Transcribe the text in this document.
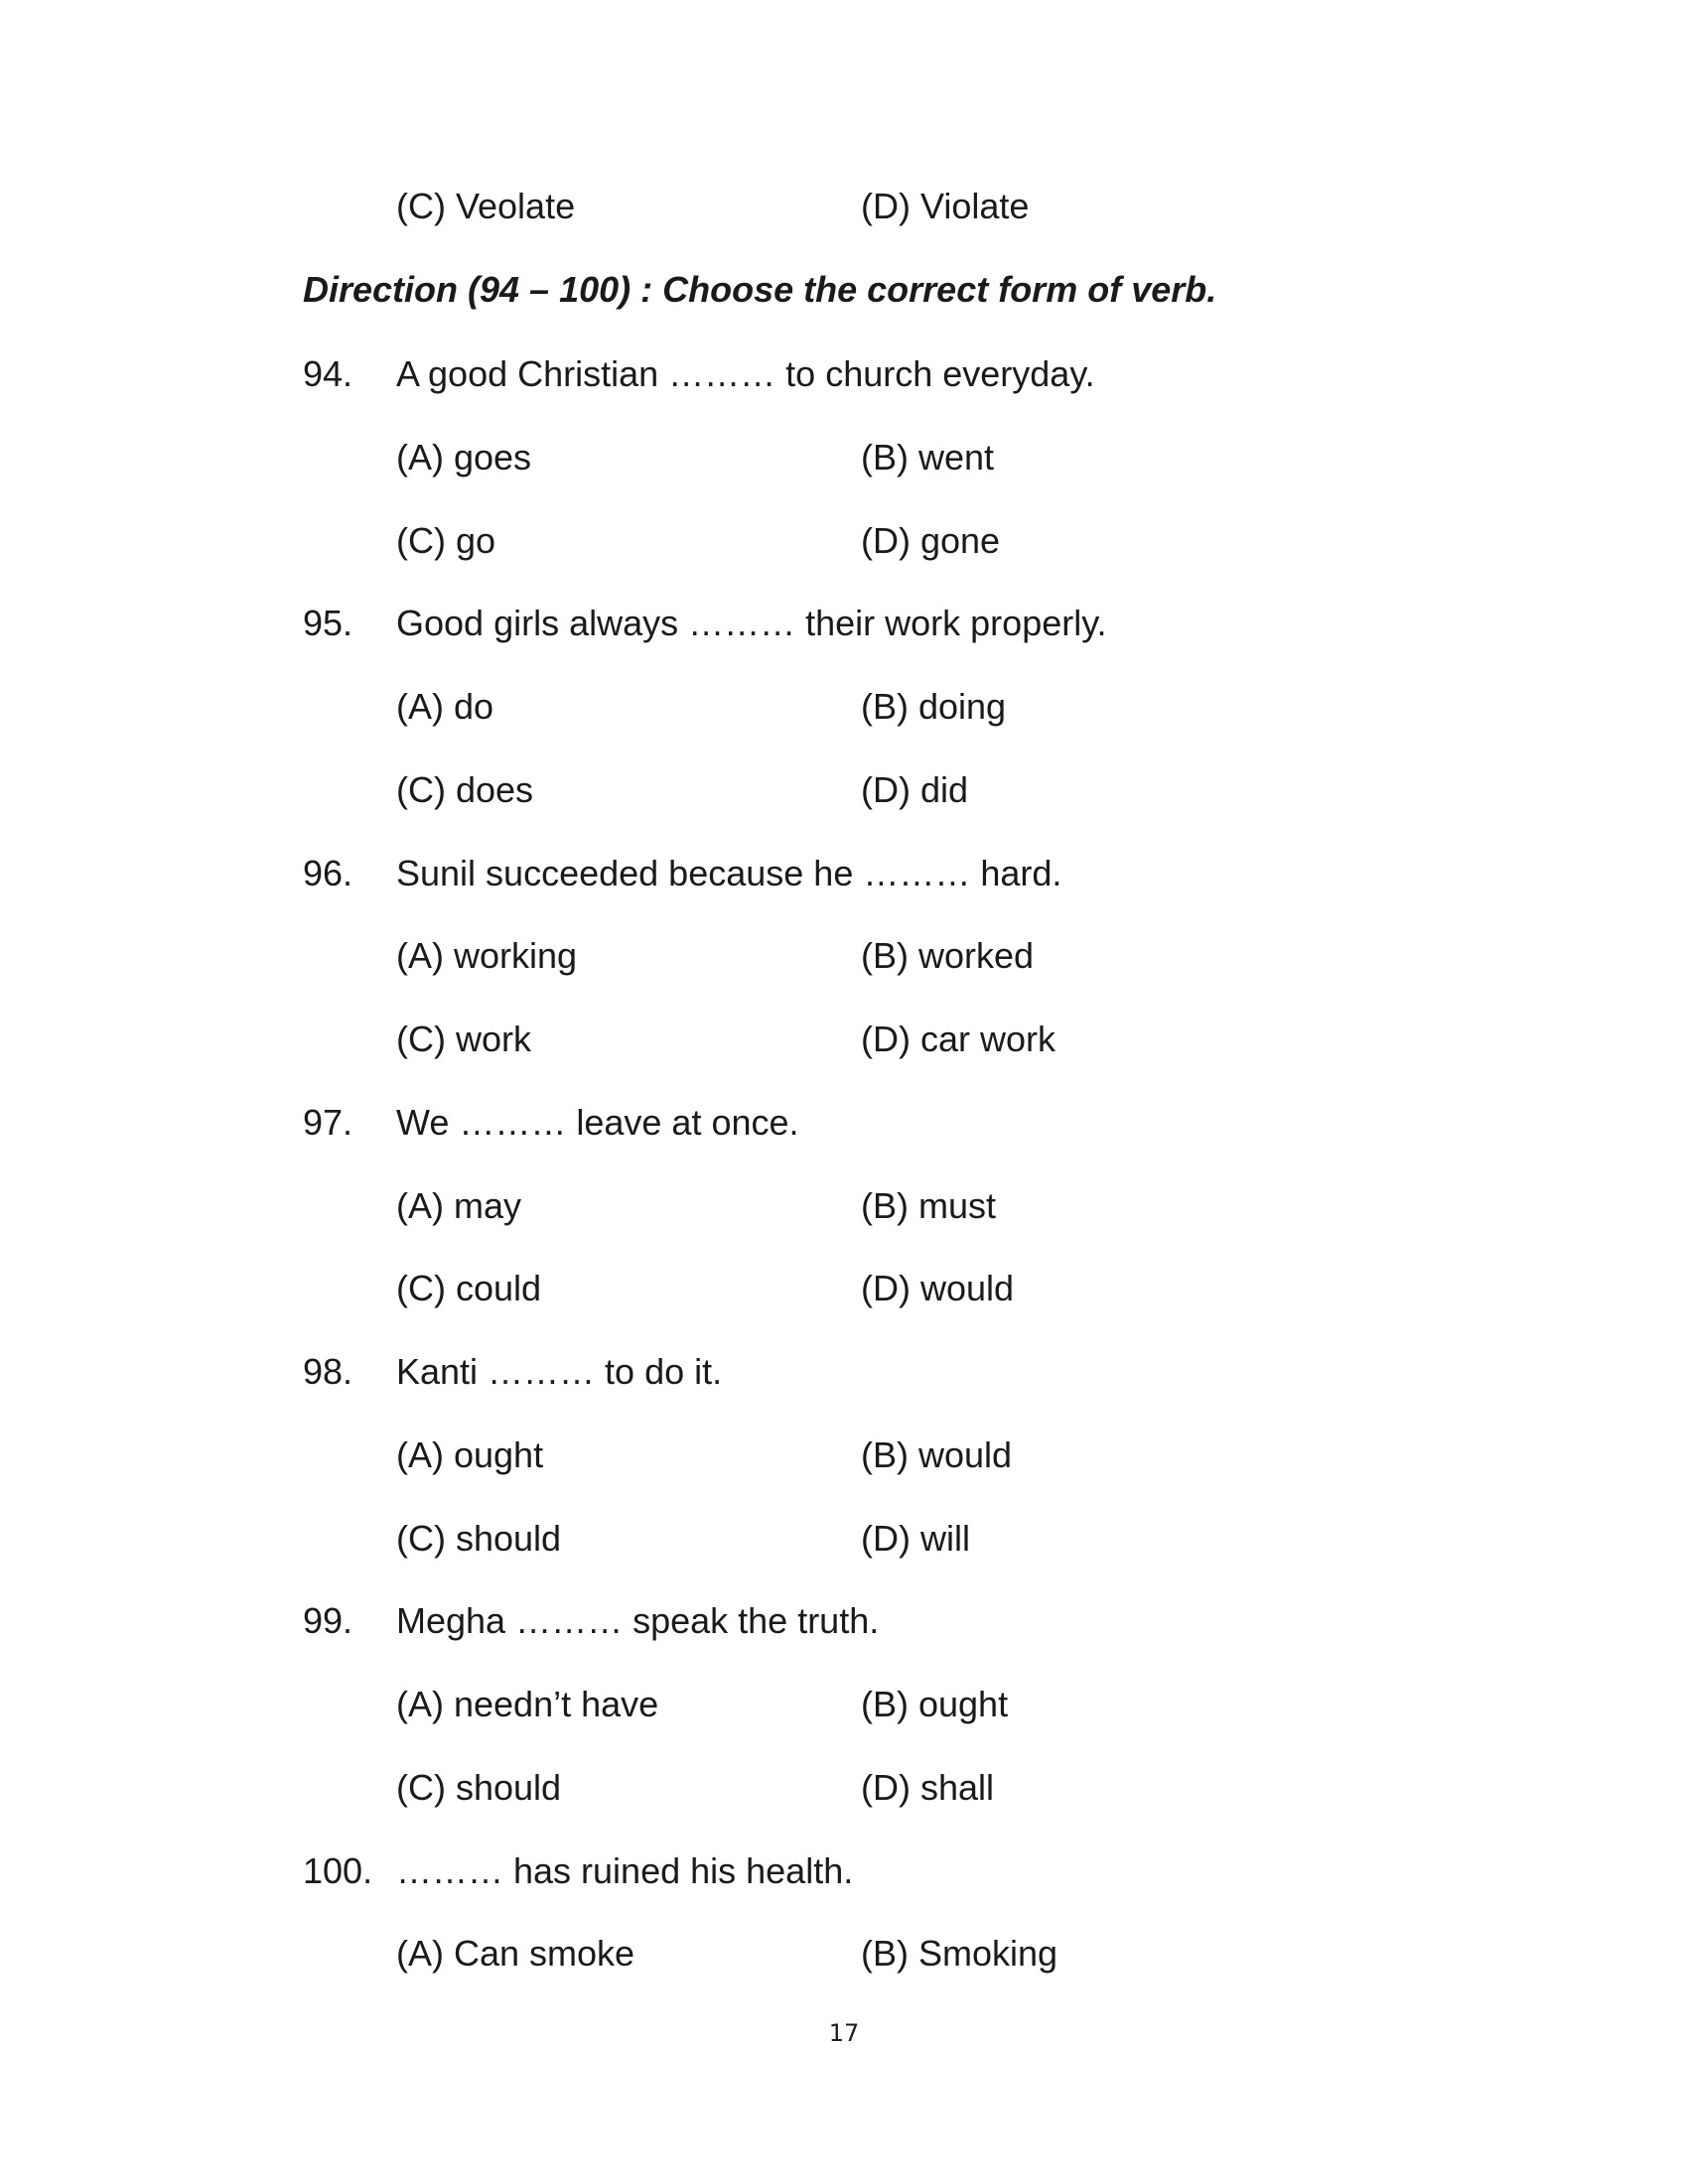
(C) Veolate	(D) Violate
Direction (94 – 100) : Choose the correct form of verb.
94. A good Christian ……… to church everyday.
(A) goes	(B) went
(C) go	(D) gone
95. Good girls always ……… their work properly.
(A) do	(B) doing
(C) does	(D) did
96. Sunil succeeded because he ……… hard.
(A) working	(B) worked
(C) work	(D) car work
97. We ……… leave at once.
(A) may	(B) must
(C) could	(D) would
98. Kanti ……… to do it.
(A) ought	(B) would
(C) should	(D) will
99. Megha ……… speak the truth.
(A) needn’t have	(B) ought
(C) should	(D) shall
100. ……… has ruined his health.
(A) Can smoke	(B) Smoking
17
